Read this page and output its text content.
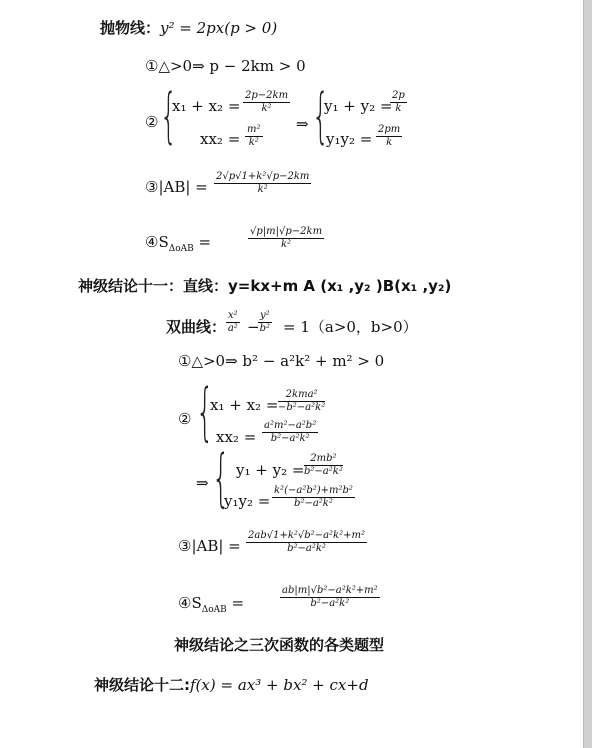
抛物线：y² = 2px(p > 0)
①△>0⇒ p − 2km > 0
② {
$x_1 + x_2 = \frac{2p-2km}{\text{k²}}$
$xx_2 = \frac{\text{m²}}{\text{k²}}$ ⇒ {
y₁ + y₂ =
$\frac{2p}{k}$
$y_1y_2 = \frac{2pm}{k}$
③|AB| = $\frac{\text{2√p√1+k²√p−2km}}{\text{k²}}$
$④S_{\Delta oAB}$ =	$\frac{√p|m|√p-2km}{\text{k²}}$
神级结论十一：直线：y=kx+m A (x₁ ,y₂ )B(x₁ ,y₂)
双曲线： $\frac{\text{x²}}{\text{a²}}$ −
$\frac{\text{y²}}{\text{b²}} = 1(a>0$，b>0）
①△>0⇒ b² − a²k² + m² > 0
② {
x₁ + x₂ =
2kma²
−b²−a²k²
$xx_2 = \frac{\text{a²m²−a²b²}}{\text{b²−a²k²}}$
⇒ { $y_1 + y_2 = \frac{\text{2mb²}}{\text{b²−a²k²}}$
$y_1y_2 = \frac{\text{k²(−a²b²)+m²b²}}{\text{b²−a²k²}}$
③|AB| = $\frac{\text{2ab√1+k²√b²−a²k²+m²}}{\text{b²−a²k²}}$
$④S_{\Delta oAB}$ =	$\frac{\text{ab|m|√b²−a²k²+m²}}{\text{b²−a²k²}}$
神级结论之三次函数的各类题型
神级结论十二:f(x) = ax³ + bx² + cx+d
